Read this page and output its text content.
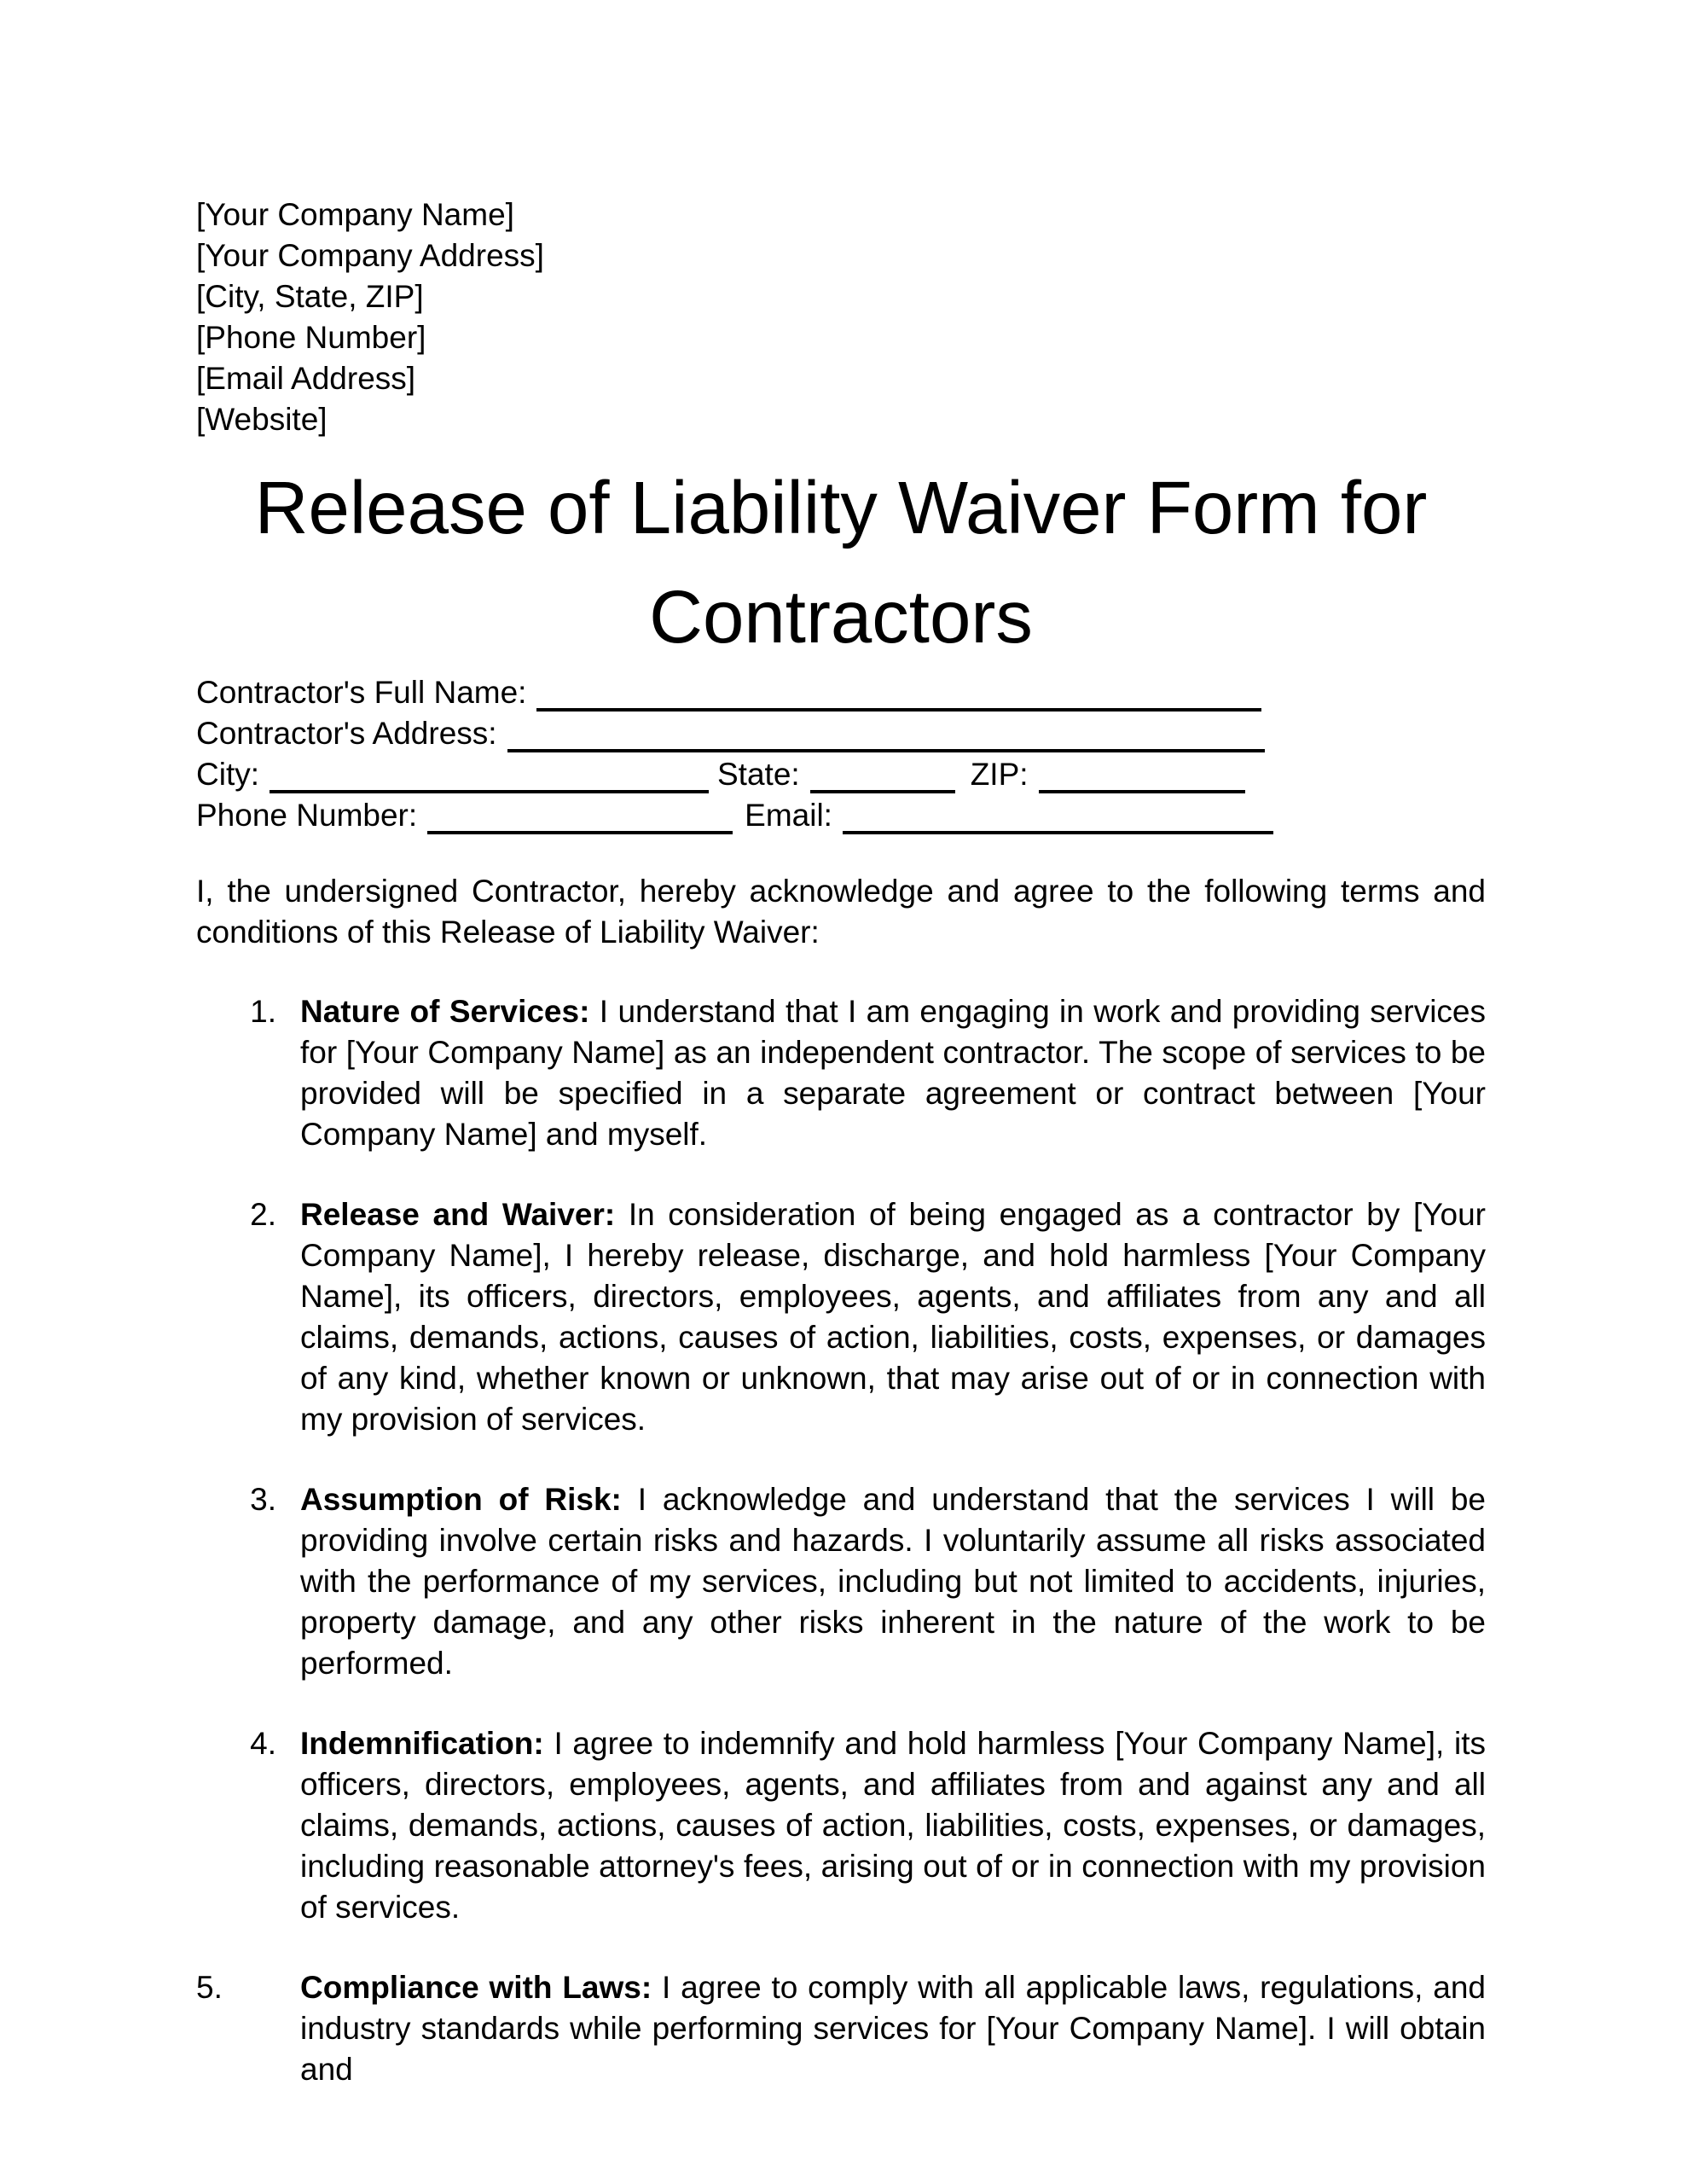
[Your Company Name]
[Your Company Address]
[City, State, ZIP]
[Phone Number]
[Email Address]
[Website]
Release of Liability Waiver Form for Contractors
Contractor's Full Name:
Contractor's Address:
City:	State:	ZIP:
Phone Number:	Email:

I, the undersigned Contractor, hereby acknowledge and agree to the following terms and conditions of this Release of Liability Waiver:

1. Nature of Services: I understand that I am engaging in work and providing services for [Your Company Name] as an independent contractor. The scope of services to be provided will be specified in a separate agreement or contract between [Your Company Name] and myself.
2. Release and Waiver: In consideration of being engaged as a contractor by [Your Company Name], I hereby release, discharge, and hold harmless [Your Company Name], its officers, directors, employees, agents, and affiliates from any and all claims, demands, actions, causes of action, liabilities, costs, expenses, or damages of any kind, whether known or unknown, that may arise out of or in connection with my provision of services.
3. Assumption of Risk: I acknowledge and understand that the services I will be providing involve certain risks and hazards. I voluntarily assume all risks associated with the performance of my services, including but not limited to accidents, injuries, property damage, and any other risks inherent in the nature of the work to be performed.
4. Indemnification: I agree to indemnify and hold harmless [Your Company Name], its officers, directors, employees, agents, and affiliates from and against any and all claims, demands, actions, causes of action, liabilities, costs, expenses, or damages, including reasonable attorney's fees, arising out of or in connection with my provision of services.
5.	Compliance with Laws: I agree to comply with all applicable laws, regulations, and industry standards while performing services for [Your Company Name]. I will obtain and
